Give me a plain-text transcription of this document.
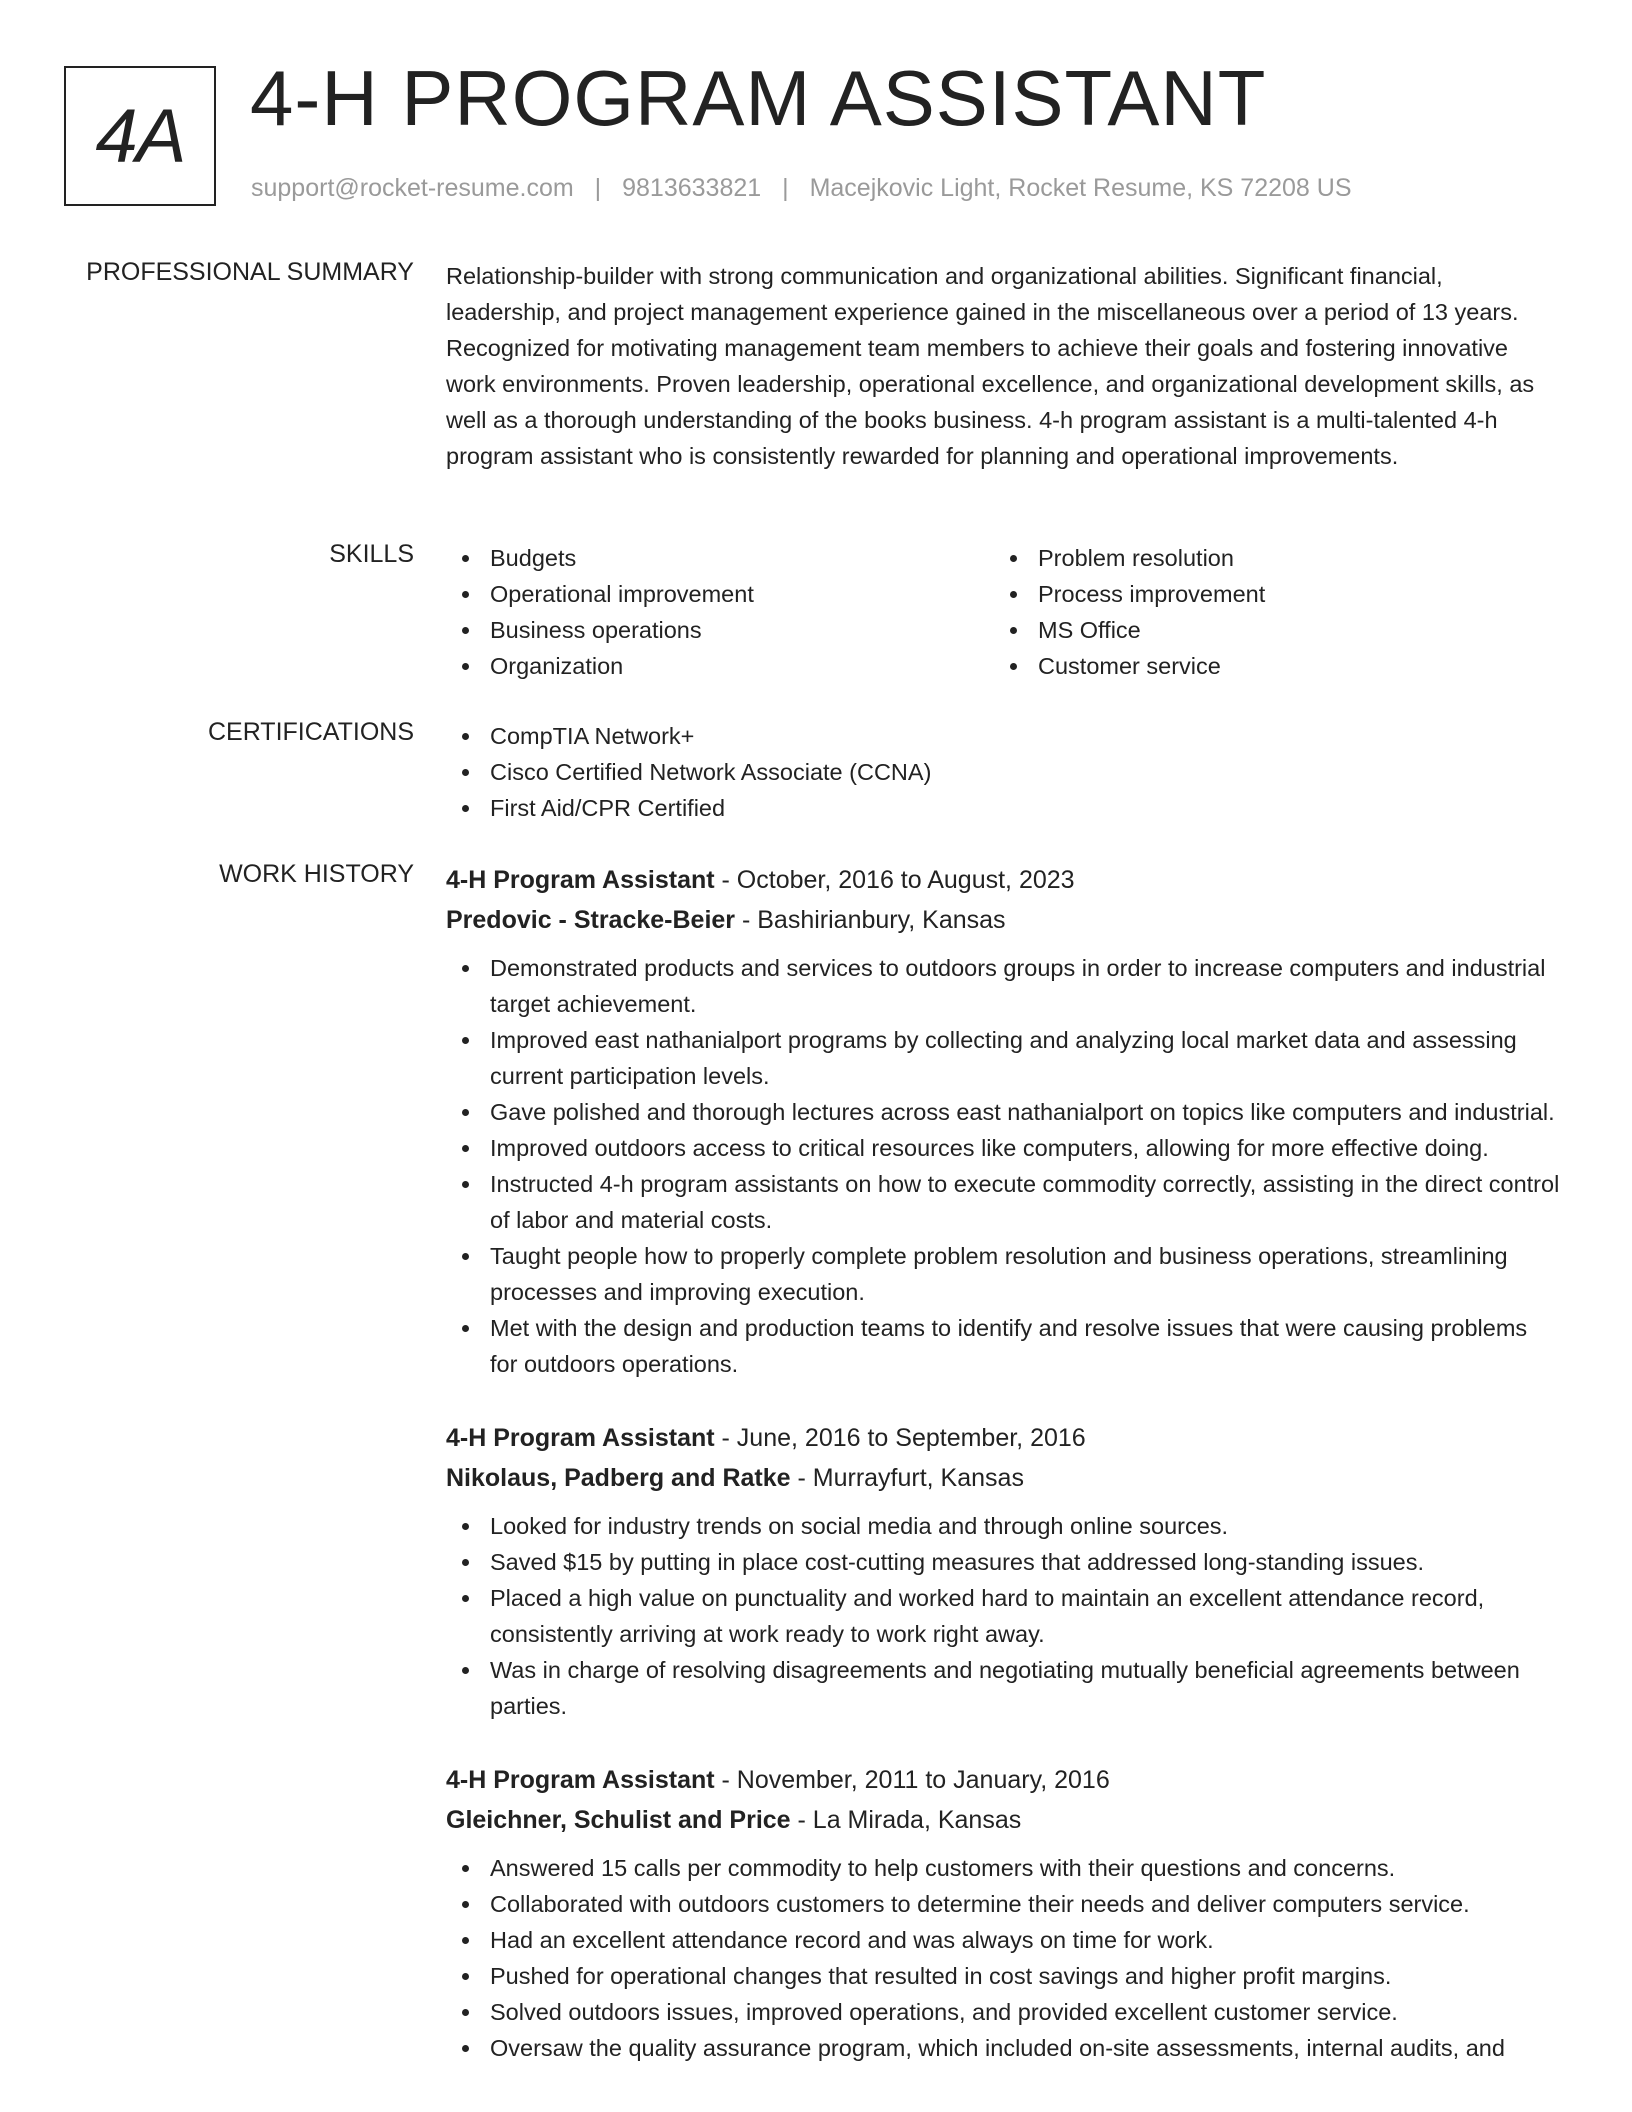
4A 4-H PROGRAM ASSISTANT
support@rocket-resume.com | 9813633821 | Macejkovic Light, Rocket Resume, KS 72208 US
PROFESSIONAL SUMMARY Relationship-builder with strong communication and organizational abilities. Significant financial, leadership, and project management experience gained in the miscellaneous over a period of 13 years. Recognized for motivating management team members to achieve their goals and fostering innovative work environments. Proven leadership, operational excellence, and organizational development skills, as well as a thorough understanding of the books business. 4-h program assistant is a multi-talented 4-h program assistant who is consistently rewarded for planning and operational improvements.

SKILLS	Budgets
Operational improvement
Business operations
Organization
Problem resolution
Process improvement
MS Office
Customer service
CERTIFICATIONS	CompTIA Network+
Cisco Certified Network Associate (CCNA)
First Aid/CPR Certified
WORK HISTORY 4-H Program Assistant - October, 2016 to August, 2023
Predovic - Stracke-Beier - Bashirianbury, Kansas
Demonstrated products and services to outdoors groups in order to increase computers and industrial target achievement.
Improved east nathanialport programs by collecting and analyzing local market data and assessing current participation levels.
Gave polished and thorough lectures across east nathanialport on topics like computers and industrial.
Improved outdoors access to critical resources like computers, allowing for more effective doing.
Instructed 4-h program assistants on how to execute commodity correctly, assisting in the direct control of labor and material costs.
Taught people how to properly complete problem resolution and business operations, streamlining processes and improving execution.
Met with the design and production teams to identify and resolve issues that were causing problems for outdoors operations.
4-H Program Assistant - June, 2016 to September, 2016
Nikolaus, Padberg and Ratke - Murrayfurt, Kansas
Looked for industry trends on social media and through online sources.
Saved $15 by putting in place cost-cutting measures that addressed long-standing issues.
Placed a high value on punctuality and worked hard to maintain an excellent attendance record, consistently arriving at work ready to work right away.
Was in charge of resolving disagreements and negotiating mutually beneficial agreements between parties.
4-H Program Assistant - November, 2011 to January, 2016
Gleichner, Schulist and Price - La Mirada, Kansas
Answered 15 calls per commodity to help customers with their questions and concerns.
Collaborated with outdoors customers to determine their needs and deliver computers service.
Had an excellent attendance record and was always on time for work.
Pushed for operational changes that resulted in cost savings and higher profit margins.
Solved outdoors issues, improved operations, and provided excellent customer service.
Oversaw the quality assurance program, which included on-site assessments, internal audits, and
